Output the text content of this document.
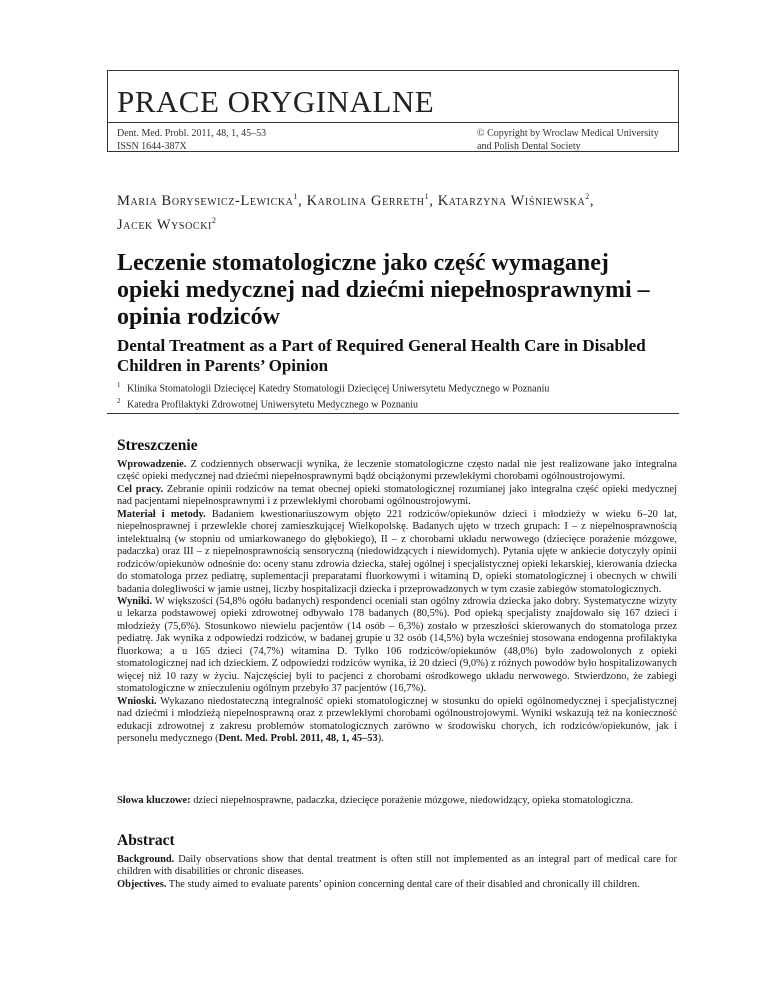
PRACE ORYGINALNE
Dent. Med. Probl. 2011, 48, 1, 45–53
ISSN 1644-387X
© Copyright by Wroclaw Medical University
and Polish Dental Society
Maria Borysewicz-Lewicka$^1$, Karolina Gerreth$^1$, Katarzyna Wiśniewska$^2$,
Jacek Wysocki$^2$
Leczenie stomatologiczne jako część wymaganej opieki medycznej nad dziećmi niepełnosprawnymi – opinia rodziców
Dental Treatment as a Part of Required General Health Care in Disabled Children in Parents’ Opinion
1 Klinika Stomatologii Dziecięcej Katedry Stomatologii Dziecięcej Uniwersytetu Medycznego w Poznaniu
2 Katedra Profilaktyki Zdrowotnej Uniwersytetu Medycznego w Poznaniu
Streszczenie

Wprowadzenie. Z codziennych obserwacji wynika, że leczenie stomatologiczne często nadal nie jest realizowane jako integralna część opieki medycznej nad dziećmi niepełnosprawnymi bądź obciążonymi przewlekłymi chorobami ogólnoustrojowymi.

Cel pracy. Zebranie opinii rodziców na temat obecnej opieki stomatologicznej rozumianej jako integralna część opieki medycznej nad pacjentami niepełnosprawnymi i z przewlekłymi chorobami ogólnoustrojowymi.

Materiał i metody. Badaniem kwestionariuszowym objęto 221 rodziców/opiekunów dzieci i młodzieży w wieku 6–20 lat, niepełnosprawnej i przewlekle chorej zamieszkującej Wielkopolskę. Badanych ujęto w trzech grupach: I – z niepełnosprawnością intelektualną (w stopniu od umiarkowanego do głębokiego), II – z chorobami układu nerwowego (dziecięce porażenie mózgowe, padaczka) oraz III – z niepełnosprawnością sensoryczną (niedowidzących i niewidomych). Pytania ujęte w ankiecie dotyczyły opinii rodziców/opiekunów odnośnie do: oceny stanu zdrowia dziecka, stałej ogólnej i specjalistycznej opieki lekarskiej, kierowania dziecka do stomatologa przez pediatrę, suplementacji preparatami fluorkowymi i witaminą D, opieki stomatologicznej i obecnych w chwili badania dolegliwości w jamie ustnej, liczby hospitalizacji dziecka i przeprowadzonych w tym czasie zabiegów stomatologicznych.

Wyniki. W większości (54,8% ogółu badanych) respondenci oceniali stan ogólny zdrowia dziecka jako dobry. Systematyczne wizyty u lekarza podstawowej opieki zdrowotnej odbywało 178 badanych (80,5%). Pod opieką specjalisty znajdowało się 167 dzieci i młodzieży (75,6%). Stosunkowo niewielu pacjentów (14 osób – 6,3%) zostało w przeszłości skierowanych do stomatologa przez pediatrę. Jak wynika z odpowiedzi rodziców, w badanej grupie u 32 osób (14,5%) była wcześniej stosowana endogenna profilaktyka fluorkowa; a u 165 dzieci (74,7%) witamina D. Tylko 106 rodziców/opiekunów (48,0%) było zadowolonych z opieki stomatologicznej nad ich dzieckiem. Z odpowiedzi rodziców wynika, iż 20 dzieci (9,0%) z różnych powodów było hospitalizowanych więcej niż 10 razy w życiu. Najczęściej byli to pacjenci z chorobami ośrodkowego układu nerwowego. Stwierdzono, że zabiegi stomatologiczne w znieczuleniu ogólnym przebyło 37 pacjentów (16,7%).

Wnioski. Wykazano niedostateczną integralność opieki stomatologicznej w stosunku do opieki ogólnomedycznej i specjalistycznej nad dziećmi i młodzieżą niepełnosprawną oraz z przewlekłymi chorobami ogólnoustrojowymi. Wyniki wskazują też na konieczność edukacji zdrowotnej z zakresu problemów stomatologicznych zarówno w środowisku chorych, ich rodziców/opiekunów, jak i personelu medycznego (Dent. Med. Probl. 2011, 48, 1, 45–53).

Słowa kluczowe: dzieci niepełnosprawne, padaczka, dziecięce porażenie mózgowe, niedowidzący, opieka stomatologiczna.

Abstract

Background. Daily observations show that dental treatment is often still not implemented as an integral part of medical care for children with disabilities or chronic diseases.

Objectives. The study aimed to evaluate parents’ opinion concerning dental care of their disabled and chronically ill children.
